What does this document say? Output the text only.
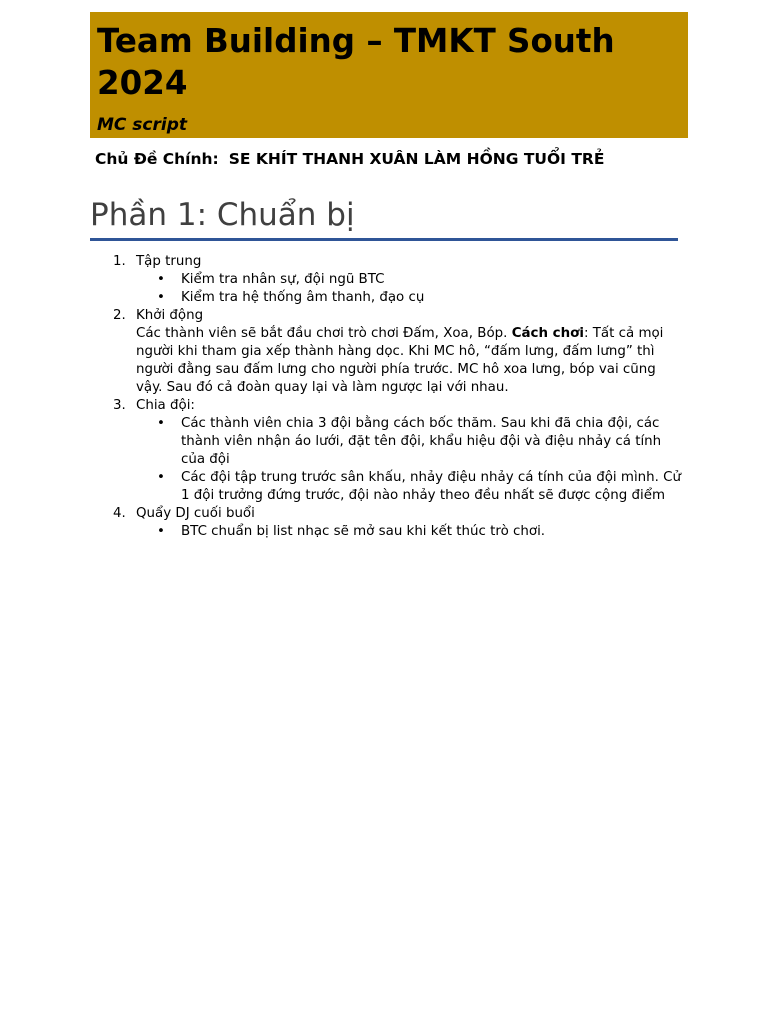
Team Building – TMKT South
2024

MC script

Chủ Đề Chính: SE KHÍT THANH XUÂN LÀM HỒNG TUỔI TRẺ
Phần 1: Chuẩn bị
1. Tập trung
• Kiểm tra nhân sự, đội ngũ BTC
• Kiểm tra hệ thống âm thanh, đạo cụ
2. Khởi động

Các thành viên sẽ bắt đầu chơi trò chơi Đấm, Xoa, Bóp. Cách chơi: Tất cả mọi người khi tham gia xếp thành hàng dọc. Khi MC hô, “đấm lưng, đấm lưng” thì người đằng sau đấm lưng cho người phía trước. MC hô xoa lưng, bóp vai cũng vậy. Sau đó cả đoàn quay lại và làm ngược lại với nhau.

3. Chia đội:
• Các thành viên chia 3 đội bằng cách bốc thăm. Sau khi đã chia đội, các thành viên nhận áo lưới, đặt tên đội, khẩu hiệu đội và điệu nhảy cá tính của đội
• Các đội tập trung trước sân khấu, nhảy điệu nhảy cá tính của đội mình. Cử 1 đội trưởng đứng trước, đội nào nhảy theo đều nhất sẽ được cộng điểm
4. Quẩy DJ cuối buổi
• BTC chuẩn bị list nhạc sẽ mở sau khi kết thúc trò chơi.
